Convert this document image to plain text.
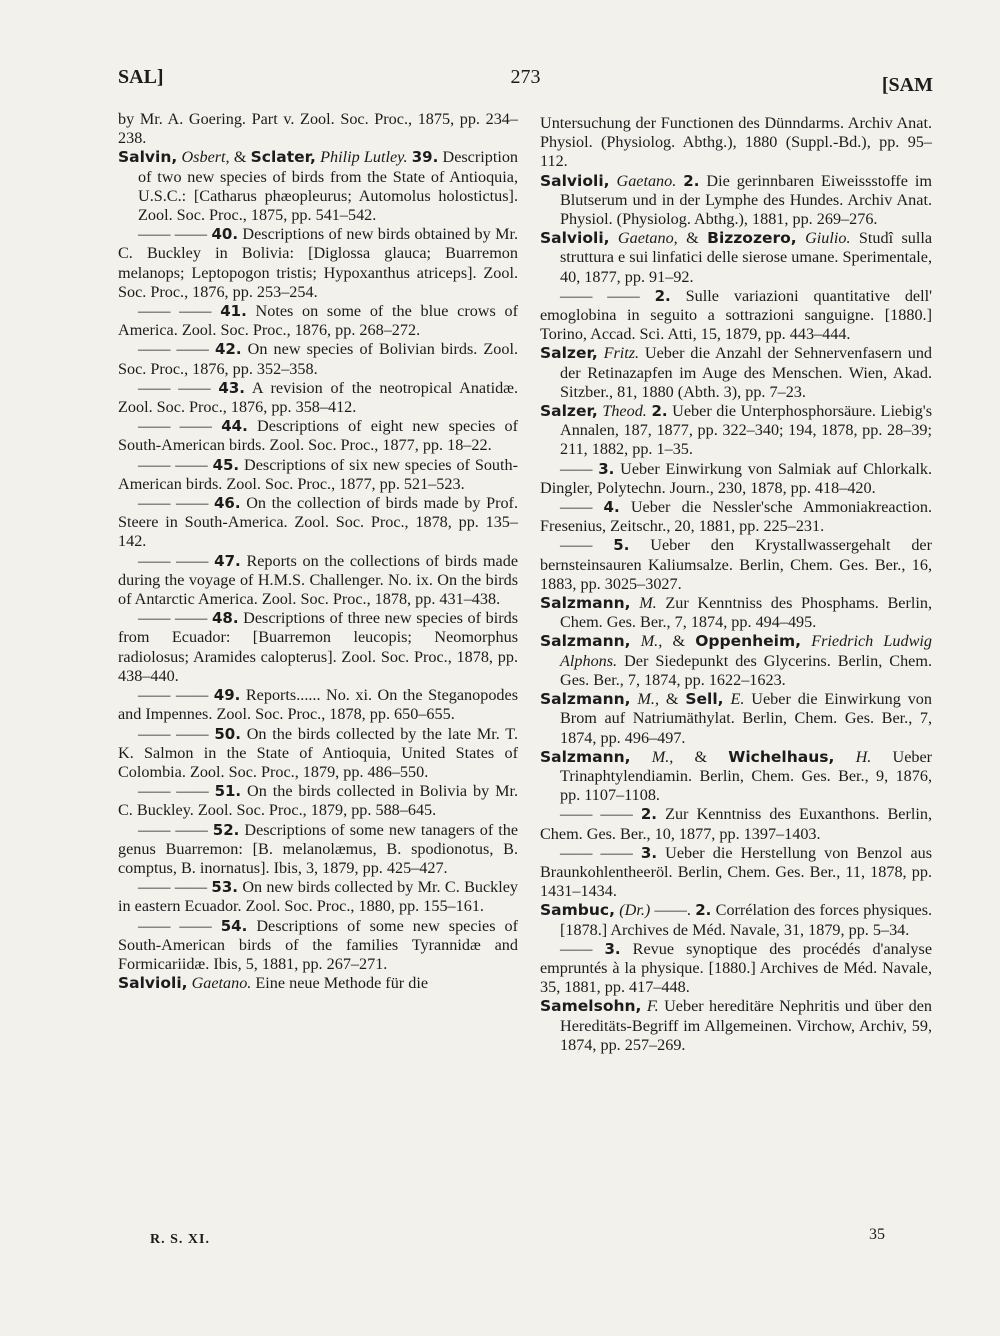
SAL]	273	[SAM

by Mr. A. Goering. Part v. Zool. Soc. Proc., 1875, pp. 234–238.

Salvin, Osbert, & Sclater, Philip Lutley. 39. Description of two new species of birds from the State of Antioquia, U.S.C.: [Catharus phæopleurus; Automolus holostictus]. Zool. Soc. Proc., 1875, pp. 541–542.

—— —— 40. Descriptions of new birds obtained by Mr. C. Buckley in Bolivia: [Diglossa glauca; Buarremon melanops; Leptopogon tristis; Hypoxanthus atriceps]. Zool. Soc. Proc., 1876, pp. 253–254.

—— —— 41. Notes on some of the blue crows of America. Zool. Soc. Proc., 1876, pp. 268–272.

—— —— 42. On new species of Bolivian birds. Zool. Soc. Proc., 1876, pp. 352–358.

—— —— 43. A revision of the neotropical Anatidæ. Zool. Soc. Proc., 1876, pp. 358–412.

—— —— 44. Descriptions of eight new species of South-American birds. Zool. Soc. Proc., 1877, pp. 18–22.

—— —— 45. Descriptions of six new species of South-American birds. Zool. Soc. Proc., 1877, pp. 521–523.

—— —— 46. On the collection of birds made by Prof. Steere in South-America. Zool. Soc. Proc., 1878, pp. 135–142.

—— —— 47. Reports on the collections of birds made during the voyage of H.M.S. Challenger. No. ix. On the birds of Antarctic America. Zool. Soc. Proc., 1878, pp. 431–438.

—— —— 48. Descriptions of three new species of birds from Ecuador: [Buarremon leucopis; Neomorphus radiolosus; Aramides calopterus]. Zool. Soc. Proc., 1878, pp. 438–440.

—— —— 49. Reports...... No. xi. On the Steganopodes and Impennes. Zool. Soc. Proc., 1878, pp. 650–655.

—— —— 50. On the birds collected by the late Mr. T. K. Salmon in the State of Antioquia, United States of Colombia. Zool. Soc. Proc., 1879, pp. 486–550.

—— —— 51. On the birds collected in Bolivia by Mr. C. Buckley. Zool. Soc. Proc., 1879, pp. 588–645.

—— —— 52. Descriptions of some new tanagers of the genus Buarremon: [B. melanolæmus, B. spodionotus, B. comptus, B. inornatus]. Ibis, 3, 1879, pp. 425–427.

—— —— 53. On new birds collected by Mr. C. Buckley in eastern Ecuador. Zool. Soc. Proc., 1880, pp. 155–161.

—— —— 54. Descriptions of some new species of South-American birds of the families Tyrannidæ and Formicariidæ. Ibis, 5, 1881, pp. 267–271.

Salvioli, Gaetano. Eine neue Methode für die

Untersuchung der Functionen des Dünndarms. Archiv Anat. Physiol. (Physiolog. Abthg.), 1880 (Suppl.-Bd.), pp. 95–112.

Salvioli, Gaetano. 2. Die gerinnbaren Eiweissstoffe im Blutserum und in der Lymphe des Hundes. Archiv Anat. Physiol. (Physiolog. Abthg.), 1881, pp. 269–276.

Salvioli, Gaetano, & Bizzozero, Giulio. Studî sulla struttura e sui linfatici delle sierose umane. Sperimentale, 40, 1877, pp. 91–92.

—— —— 2. Sulle variazioni quantitative dell' emoglobina in seguito a sottrazioni sanguigne. [1880.] Torino, Accad. Sci. Atti, 15, 1879, pp. 443–444.

Salzer, Fritz. Ueber die Anzahl der Sehnervenfasern und der Retinazapfen im Auge des Menschen. Wien, Akad. Sitzber., 81, 1880 (Abth. 3), pp. 7–23.

Salzer, Theod. 2. Ueber die Unterphosphorsäure. Liebig's Annalen, 187, 1877, pp. 322–340; 194, 1878, pp. 28–39; 211, 1882, pp. 1–35.

—— 3. Ueber Einwirkung von Salmiak auf Chlorkalk. Dingler, Polytechn. Journ., 230, 1878, pp. 418–420.

—— 4. Ueber die Nessler'sche Ammoniakreaction. Fresenius, Zeitschr., 20, 1881, pp. 225–231.

—— 5. Ueber den Krystallwassergehalt der bernsteinsauren Kaliumsalze. Berlin, Chem. Ges. Ber., 16, 1883, pp. 3025–3027.

Salzmann, M. Zur Kenntniss des Phosphams. Berlin, Chem. Ges. Ber., 7, 1874, pp. 494–495.

Salzmann, M., & Oppenheim, Friedrich Ludwig Alphons. Der Siedepunkt des Glycerins. Berlin, Chem. Ges. Ber., 7, 1874, pp. 1622–1623.

Salzmann, M., & Sell, E. Ueber die Einwirkung von Brom auf Natriumäthylat. Berlin, Chem. Ges. Ber., 7, 1874, pp. 496–497.

Salzmann, M., & Wichelhaus, H. Ueber Trinaphtylendiamin. Berlin, Chem. Ges. Ber., 9, 1876, pp. 1107–1108.

—— —— 2. Zur Kenntniss des Euxanthons. Berlin, Chem. Ges. Ber., 10, 1877, pp. 1397–1403.

—— —— 3. Ueber die Herstellung von Benzol aus Braunkohlentheeröl. Berlin, Chem. Ges. Ber., 11, 1878, pp. 1431–1434.

Sambuc, (Dr.) ——. 2. Corrélation des forces physiques. [1878.] Archives de Méd. Navale, 31, 1879, pp. 5–34.

—— 3. Revue synoptique des procédés d'analyse empruntés à la physique. [1880.] Archives de Méd. Navale, 35, 1881, pp. 417–448.

Samelsohn, F. Ueber hereditäre Nephritis und über den Hereditäts-Begriff im Allgemeinen. Virchow, Archiv, 59, 1874, pp. 257–269.

R. S. XI.	35
